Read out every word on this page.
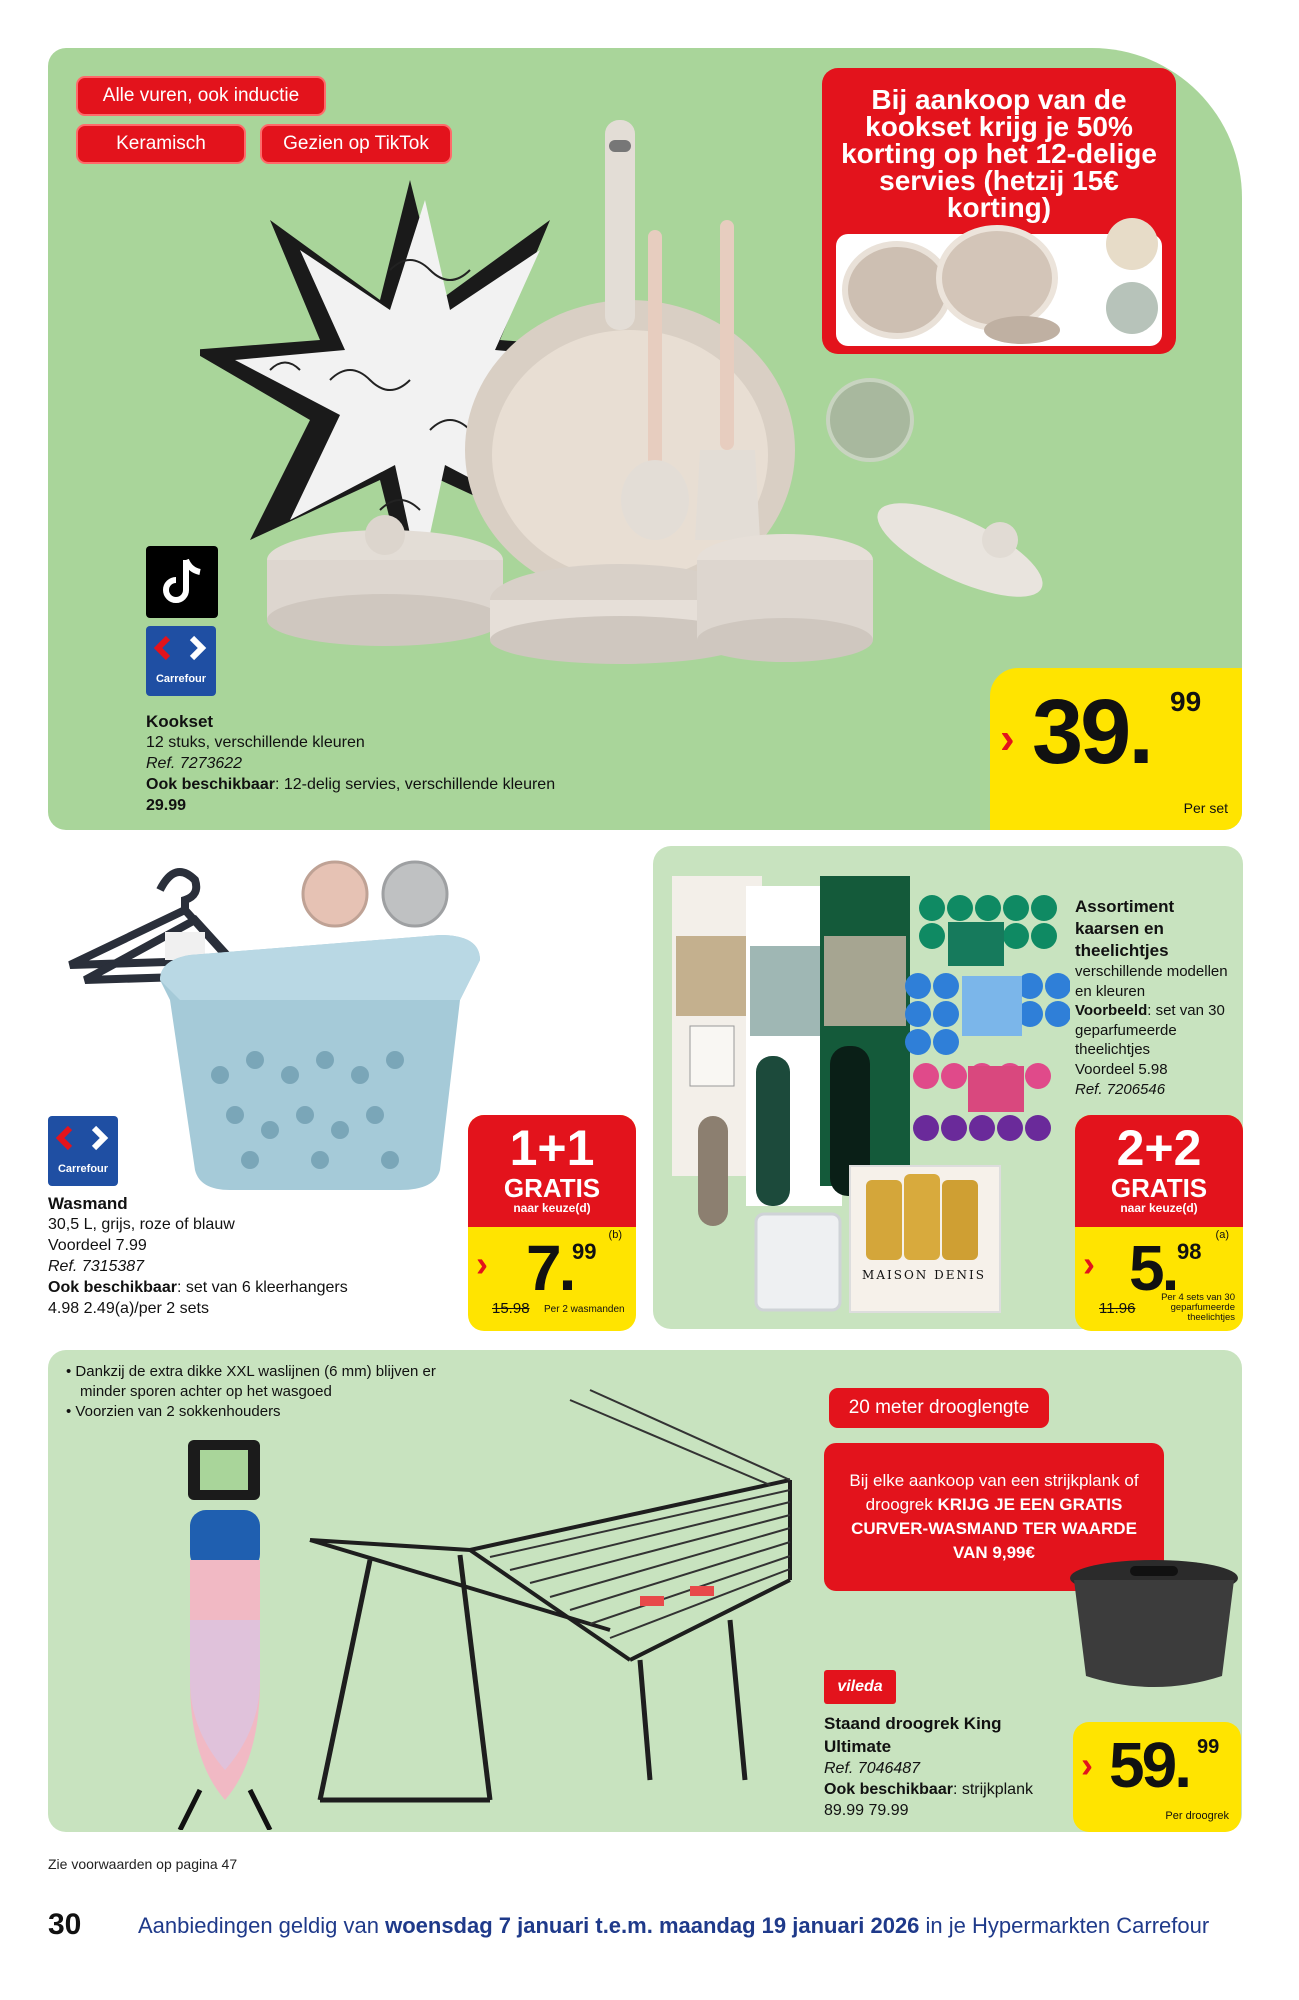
Alle vuren, ook inductie
Keramisch	Gezien op TikTok
Bij aankoop van de kookset krijg je 50% korting op het 12-delige servies (hetzij 15€ korting)
Carrefour
Kookset
12 stuks, verschillende kleuren
Ref. 7273622
Ook beschikbaar: 12-delig servies, verschillende kleuren 29.99
› 39. 99
Per set
Carrefour
Wasmand
30,5 L, grijs, roze of blauw
Voordeel 7.99
Ref. 7315387
Ook beschikbaar: set van 6 kleerhangers
4.98 2.49(a)/per 2 sets
1+1
GRATIS
naar keuze(d)
› 7.
99
(b)
15.98 Per 2 wasmanden
MAISON DENIS
Assortiment kaarsen en theelichtjes
verschillende modellen en kleuren
Voorbeeld: set van 30 geparfumeerde theelichtjes
Voordeel 5.98
Ref. 7206546
2+2
GRATIS
naar keuze(d)
› 5. 98
(a)
11.96
Per 4 sets van 30 geparfumeerde theelichtjes
• Dankzij de extra dikke XXL waslijnen (6 mm) blijven er minder sporen achter op het wasgoed
• Voorzien van 2 sokkenhouders	20 meter drooglengte
Bij elke aankoop van een strijkplank of droogrek KRIJG JE EEN GRATIS CURVER-WASMAND TER WAARDE VAN 9,99€
vileda
Staand droogrek King Ultimate
Ref. 7046487
Ook beschikbaar: strijkplank
89.99 79.99
› 59. 99
Per droogrek
Zie voorwaarden op pagina 47
30	Aanbiedingen geldig van woensdag 7 januari t.e.m. maandag 19 januari 2026 in je Hypermarkten Carrefour
